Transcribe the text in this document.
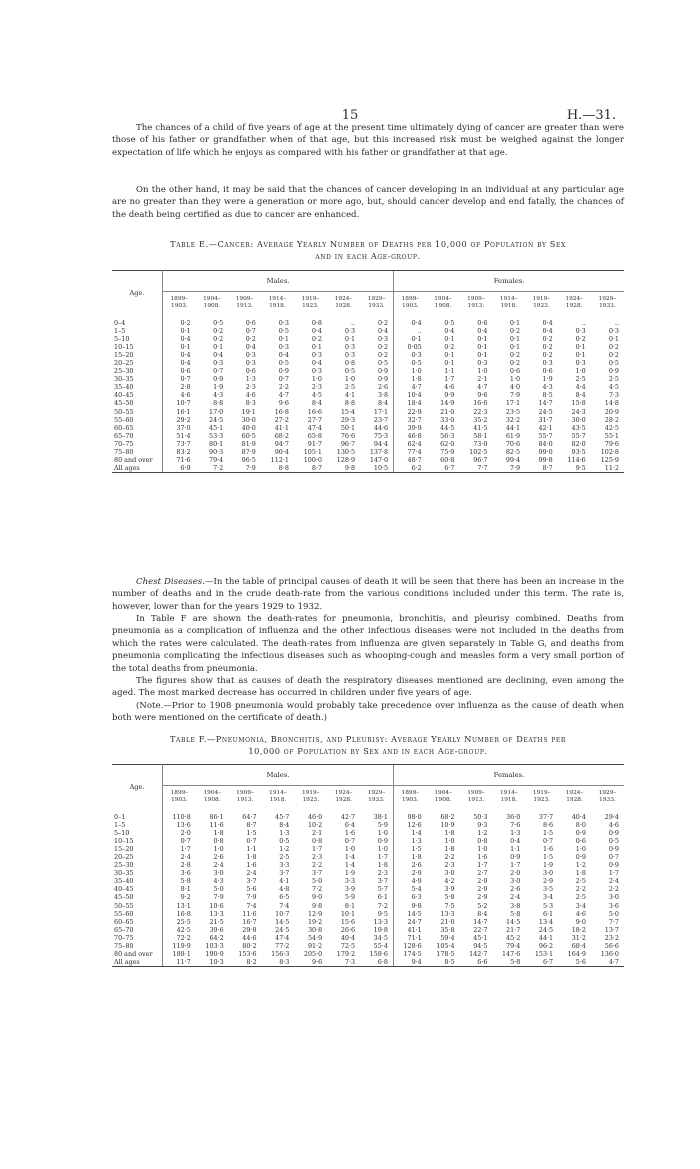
15	H.—31.

The chances of a child of five years of age at the present time ultimately dying of cancer are greater than were those of his father or grandfather when of that age, but this increased risk must be weighed against the longer expectation of life which he enjoys as compared with his father or grandfather at that age.

On the other hand, it may be said that the chances of cancer developing in an individual at any particular age are no greater than they were a generation or more ago, but, should cancer develop and end fatally, the chances of the death being certified as due to cancer are enhanced.

Table E.—Cancer: Average Yearly Number of Deaths per 10,000 of Population by Sex
and in each Age-group.
Age.	Males.							Females.						
	1899–1903.	1904–1908.	1909–1913.	1914–1918.	1919–1923.	1924–1928.	1929–1933.	1899–1903.	1904–1908.	1909–1913.	1914–1918.	1919–1923.	1924–1928.	1929–1933.
0–4	0·2	0·5	0·6	0·3	0·8	..	0·2	0·4	0·5	0·6	0·1	0·4	..	..
1–5	0·1	0·2	0·7	0·5	0·4	0·3	0·4	..	0·4	0·4	0·2	0·4	0·3	0·3
5–10	0·4	0·2	0·2	0·1	0·2	0·1	0·3	0·1	0·1	0·1	0·1	0·2	0·2	0·1
10–15	0·1	0·1	0·4	0·3	0·1	0·3	0·2	0·05	0·2	0·1	0·1	0·2	0·1	0·2
15–20	0·4	0·4	0·3	0·4	0·3	0·3	0·2	0·3	0·1	0·1	0·2	0·2	0·1	0·2
20–25	0·4	0·3	0·3	0·5	0·4	0·8	0·5	0·5	0·1	0·3	0·2	0·3	0·3	0·5
25–30	0·6	0·7	0·6	0·9	0·3	0·5	0·9	1·0	1·1	1·0	0·6	0·6	1·0	0·9
30–35	0·7	0·9	1·3	0·7	1·0	1·0	0·9	1·8	1·7	2·1	1·0	1·9	2·5	2·5
35–40	2·8	1·9	2·3	2·2	2·3	2·5	2·6	4·7	4·6	4·7	4·0	4·3	4·4	4·5
40–45	4·6	4·3	4·6	4·7	4·5	4·1	3·8	10·4	9·9	9·6	7·9	8·5	8·4	7·3
45–50	10·7	8·8	8·3	9·6	8·4	8·8	8·4	18·4	14·9	16·6	17·1	14·7	15·8	14·8
50–55	16·1	17·0	19·1	16·8	16·6	15·4	17·1	22·9	21·0	22·3	23·5	24·5	24·3	20·9
55–60	29·2	24·5	30·0	27·2	27·7	29·3	23·7	32·7	33·0	35·2	32·2	31·7	30·0	28·2
60–65	37·0	45·1	40·0	41·1	47·4	50·1	44·6	39·9	44·5	41·5	44·1	42·1	43·5	42·5
65–70	51·4	53·3	60·5	68·2	65·8	76·6	75·3	46·8	56·3	58·1	61·9	55·7	55·7	55·1
70–75	73·7	80·1	81·9	94·7	91·7	96·7	94·4	62·4	62·0	73·0	70·6	84·0	82·0	79·6
75–80	83·2	90·3	87·9	90·4	105·1	130·5	137·8	77·4	75·9	102·5	82·5	99·0	93·5	102·8
80 and over	71·6	79·4	96·5	112·1	100·0	128·9	147·0	48·7	60·8	96·7	99·4	99·8	114·6	125·9
All ages	6·9	7·2	7·9	8·8	8·7	9·8	10·5	6·2	6·7	7·7	7·9	8·7	9·5	11·2

Chest Diseases.—In the table of principal causes of death it will be seen that there has been an increase in the number of deaths and in the crude death-rate from the various conditions included under this term. The rate is, however, lower than for the years 1929 to 1932.

In Table F are shown the death-rates for pneumonia, bronchitis, and pleurisy combined. Deaths from pneumonia as a complication of influenza and the other infectious diseases were not included in the deaths from which the rates were calculated. The death-rates from influenza are given separately in Table G, and deaths from pneumonia complicating the infectious diseases such as whooping-cough and measles form a very small portion of the total deaths from pneumonia.

The figures show that as causes of death the respiratory diseases mentioned are declining, even among the aged. The most marked decrease has occurred in children under five years of age.

(Note.—Prior to 1908 pneumonia would probably take precedence over influenza as the cause of death when both were mentioned on the certificate of death.)

Table F.—Pneumonia, Bronchitis, and Pleurisy: Average Yearly Number of Deaths per
10,000 of Population by Sex and in each Age-group.
Age.	Males.							Females.						
	1899–1903.	1904–1908.	1909–1913.	1914–1918.	1919–1923.	1924–1928.	1929–1933.	1899–1903.	1904–1908.	1909–1913.	1914–1918.	1919–1923.	1924–1928.	1929–1933.
0–1	110·8	86·1	64·7	45·7	46·0	42·7	38·1	98·0	68·2	50·3	36·0	37·7	40·4	29·4
1–5	13·6	11·6	8·7	8·4	10·2	6·4	5·9	12·6	10·9	9·3	7·6	8·6	8·0	4·6
5–10	2·0	1·8	1·5	1·3	2·1	1·6	1·0	1·4	1·8	1·2	1·3	1·5	0·9	0·9
10–15	0·7	0·8	0·7	0·5	0·8	0·7	0·9	1·3	1·0	0·8	0·4	0·7	0·6	0·5
15–20	1·7	1·0	1·1	1·2	1·7	1·0	1·0	1·5	1·8	1·0	1·1	1·6	1·0	0·9
20–25	2·4	2·6	1·8	2·5	2·3	1·4	1·7	1·8	2·2	1·6	0·9	1·5	0·9	0·7
25–30	2·8	2·4	1·6	3·3	2·2	1·4	1·8	2·6	2·3	1·7	1·7	1·9	1·2	0·9
30–35	3·6	3·0	2·4	3·7	3·7	1·9	2·3	2·9	3·0	2·7	2·0	3·0	1·8	1·7
35–40	5·8	4·3	3·7	4·1	5·0	3·3	3·7	4·9	4·2	2·9	3·0	2·9	2·5	2·4
40–45	8·1	5·0	5·6	4·8	7·2	3·9	5·7	5·4	3·9	2·9	2·6	3·5	2·2	2·2
45–50	9·2	7·9	7·9	6·5	9·0	5·9	6·1	6·3	5·8	2·9	2·4	3·4	2·5	3·0
50–55	13·1	10·6	7·4	7·4	9·8	8·1	7·2	9·8	7·5	5·2	3·8	5·3	3·4	3·6
55–60	16·8	13·3	11·6	10·7	12·9	10·1	9·5	14·5	13·3	8·4	5·8	6·1	4·6	5·0
60–65	25·5	21·5	16·7	14·5	19·2	15·6	13·3	24·7	21·0	14·7	14·5	13·4	9·0	7·7
65–70	42·5	39·6	29·8	24·5	30·8	26·6	19·8	41·1	35·8	22·7	21·7	24·5	18·2	13·7
70–75	72·2	64·2	44·6	47·4	54·9	40·4	34·5	71·1	59·4	45·1	45·2	44·1	31·2	23·2
75–80	119·9	103·3	80·2	77·2	91·2	72·5	55·4	128·6	105·4	94·5	79·4	96·2	68·4	56·6
80 and over	188·1	190·9	153·6	156·3	205·0	179·2	158·6	174·5	178·5	142·7	147·6	153·1	164·9	136·0
All ages	11·7	10·3	8·2	8·3	9·6	7·3	6·8	9·4	8·5	6·6	5·8	6·7	5·6	4·7
